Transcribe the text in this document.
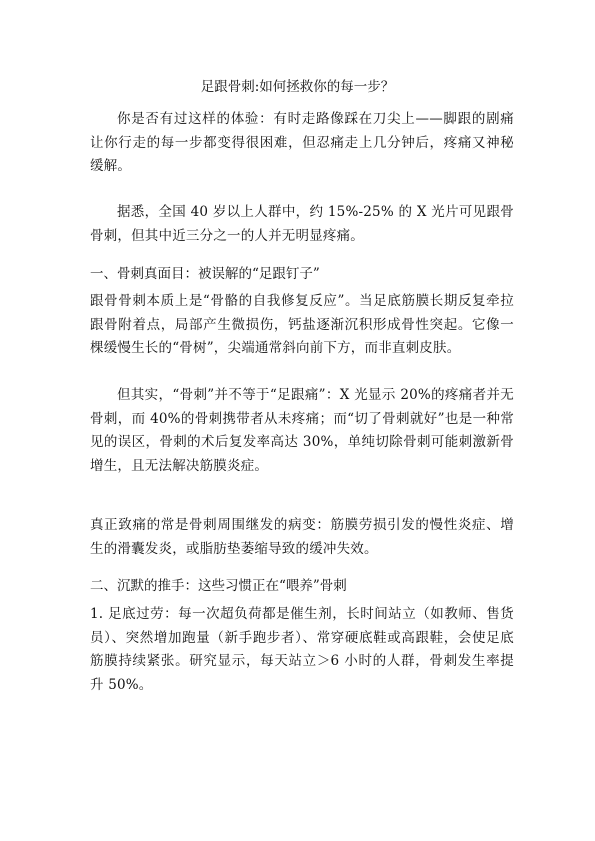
足跟骨刺:如何拯救你的每一步？

你是否有过这样的体验：有时走路像踩在刀尖上——脚跟的剧痛让你行走的每一步都变得很困难，但忍痛走上几分钟后，疼痛又神秘缓解。

据悉，全国 40 岁以上人群中，约 15%-25% 的 X 光片可见跟骨骨刺，但其中近三分之一的人并无明显疼痛。

一、骨刺真面目：被误解的“足跟钉子”

跟骨骨刺本质上是“骨骼的自我修复反应”。当足底筋膜长期反复牵拉跟骨附着点，局部产生微损伤，钙盐逐渐沉积形成骨性突起。它像一棵缓慢生长的“骨树”，尖端通常斜向前下方，而非直刺皮肤。

但其实，“骨刺”并不等于“足跟痛”：X 光显示 20%的疼痛者并无骨刺，而 40%的骨刺携带者从未疼痛；而“切了骨刺就好”也是一种常见的误区，骨刺的术后复发率高达 30%，单纯切除骨刺可能刺激新骨增生，且无法解决筋膜炎症。

真正致痛的常是骨刺周围继发的病变：筋膜劳损引发的慢性炎症、增生的滑囊发炎，或脂肪垫萎缩导致的缓冲失效。

二、沉默的推手：这些习惯正在“喂养”骨刺

1. 足底过劳：每一次超负荷都是催生剂，长时间站立（如教师、售货员）、突然增加跑量（新手跑步者）、常穿硬底鞋或高跟鞋，会使足底筋膜持续紧张。研究显示，每天站立＞6 小时的人群，骨刺发生率提升 50%。
